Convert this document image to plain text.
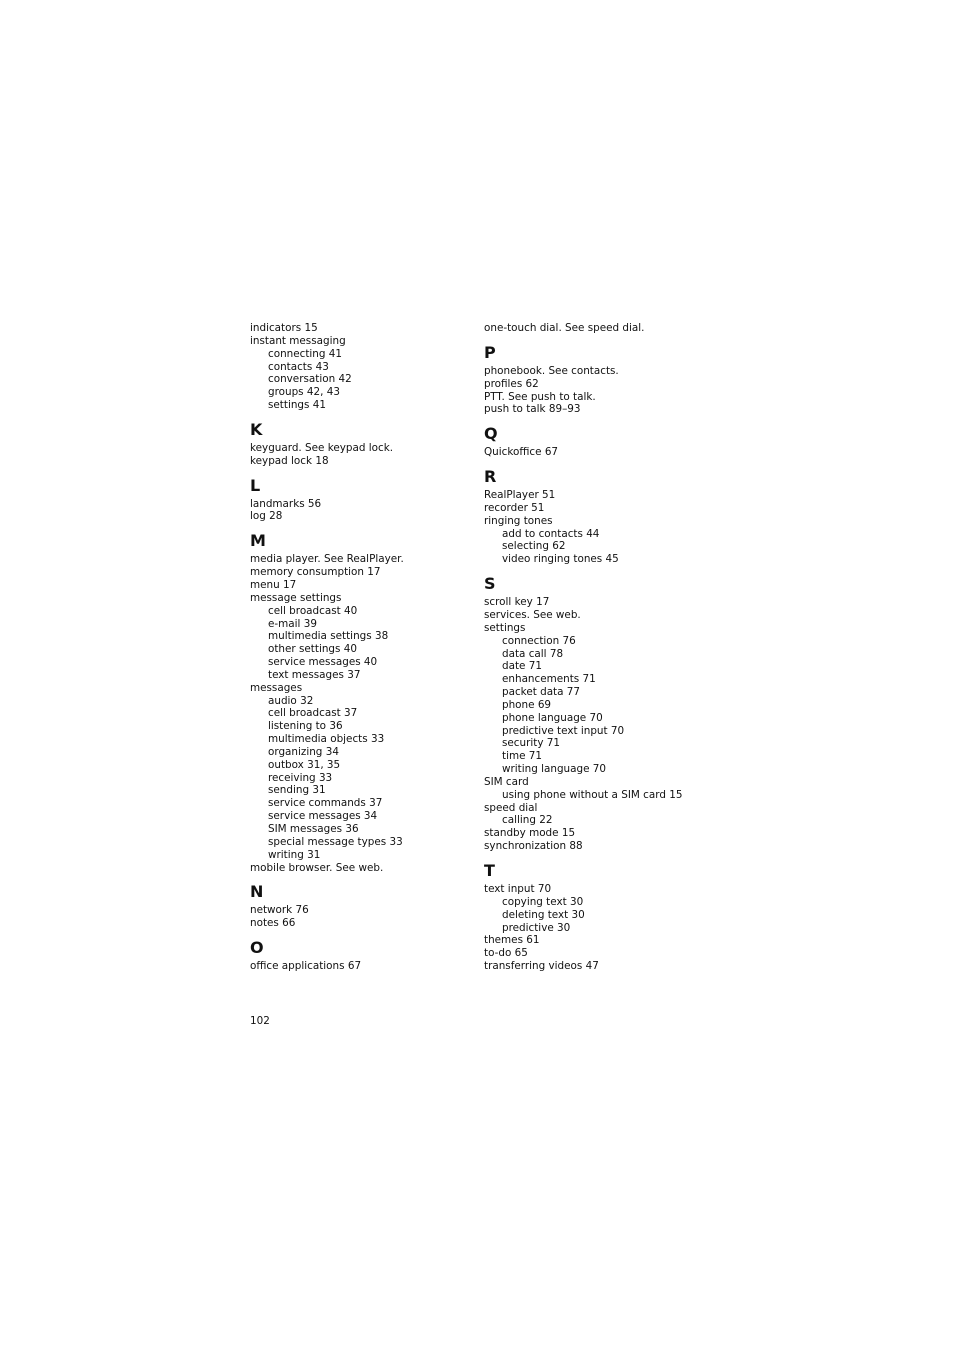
indicators 15
instant messaging
connecting 41
contacts 43
conversation 42
groups 42, 43
settings 41
K
keyguard. See keypad lock.
keypad lock 18
L
landmarks 56
log 28
M
media player. See RealPlayer.
memory consumption 17
menu 17
message settings
cell broadcast 40
e-mail 39
multimedia settings 38
other settings 40
service messages 40
text messages 37
messages
audio 32
cell broadcast 37
listening to 36
multimedia objects 33
organizing 34
outbox 31, 35
receiving 33
sending 31
service commands 37
service messages 34
SIM messages 36
special message types 33
writing 31
mobile browser. See web.
N
network 76
notes 66
O
office applications 67
one-touch dial. See speed dial.
P
phonebook. See contacts.
profiles 62
PTT. See push to talk.
push to talk 89–93
Q
Quickoffice 67
R
RealPlayer 51
recorder 51
ringing tones
add to contacts 44
selecting 62
video ringing tones 45
S
scroll key 17
services. See web.
settings
connection 76
data call 78
date 71
enhancements 71
packet data 77
phone 69
phone language 70
predictive text input 70
security 71
time 71
writing language 70
SIM card
using phone without a SIM card 15
speed dial
calling 22
standby mode 15
synchronization 88
T
text input 70
copying text 30
deleting text 30
predictive 30
themes 61
to-do 65
transferring videos 47
102
